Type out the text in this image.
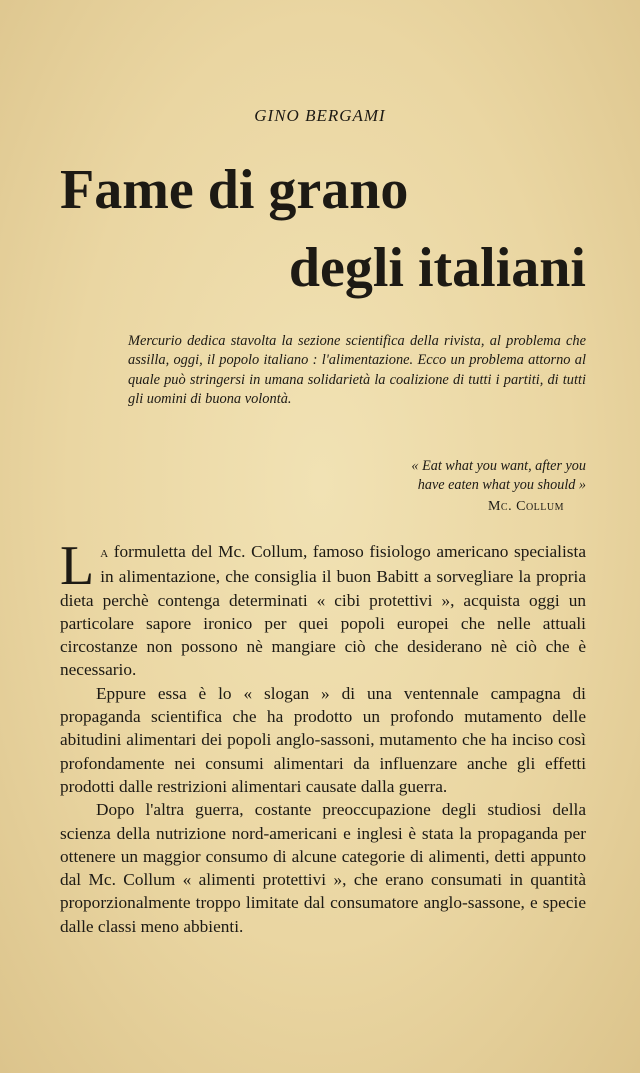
GINO BERGAMI
Fame di grano
degli italiani
Mercurio dedica stavolta la sezione scientifica della rivista, al problema che assilla, oggi, il popolo italiano : l'alimentazione. Ecco un problema attorno al quale può stringersi in umana solidarietà la coalizione di tutti i partiti, di tutti gli uomini di buona volontà.
« Eat what you want, after you
have eaten what you should »
Mc. Collum

La formuletta del Mc. Collum, famoso fisiologo americano specialista in alimentazione, che consiglia il buon Babitt a sorvegliare la propria dieta perchè contenga determinati « cibi protettivi », acquista oggi un particolare sapore ironico per quei popoli europei che nelle attuali circostanze non possono nè mangiare ciò che desiderano nè ciò che è necessario.

Eppure essa è lo « slogan » di una ventennale campagna di propaganda scientifica che ha prodotto un profondo mutamento delle abitudini alimentari dei popoli anglo-sassoni, mutamento che ha inciso così profondamente nei consumi alimentari da influenzare anche gli effetti prodotti dalle restrizioni alimentari causate dalla guerra.

Dopo l'altra guerra, costante preoccupazione degli studiosi della scienza della nutrizione nord-americani e inglesi è stata la propaganda per ottenere un maggior consumo di alcune categorie di alimenti, detti appunto dal Mc. Collum « alimenti protettivi », che erano consumati in quantità proporzionalmente troppo limitate dal consumatore anglo-sassone, e specie dalle classi meno abbienti.
